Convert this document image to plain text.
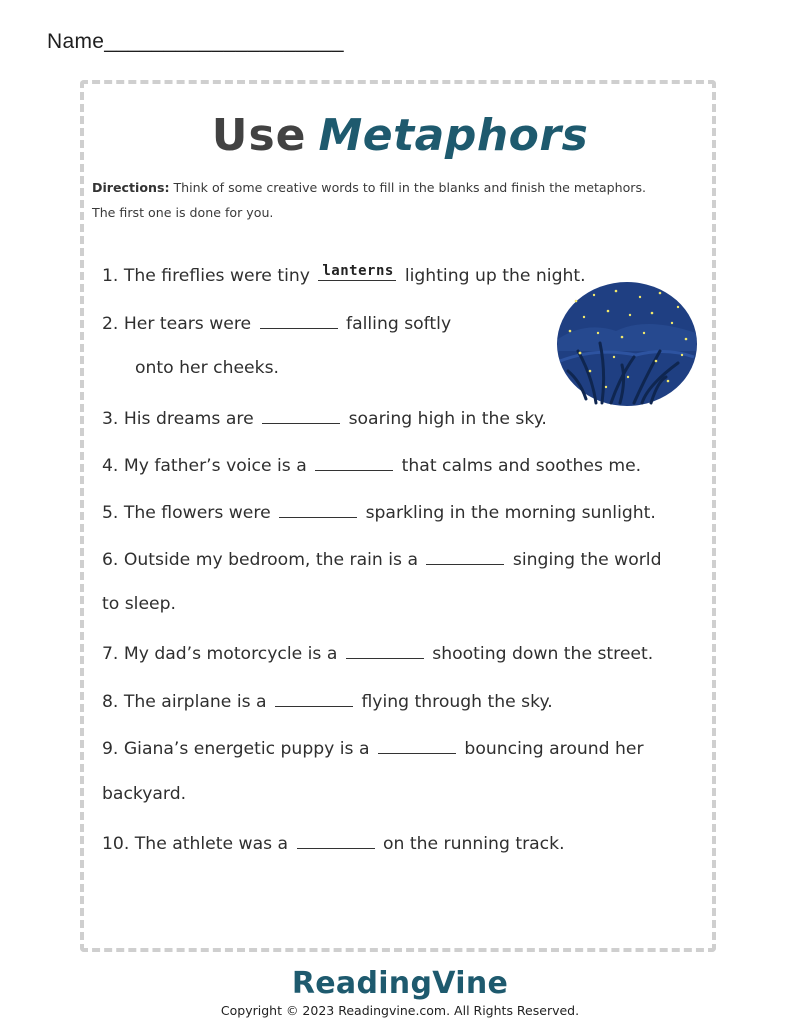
Name____________________
Use Metaphors
Directions: Think of some creative words to fill in the blanks and finish the metaphors.
The first one is done for you.
1. The fireflies were tiny lanterns lighting up the night.
2. Her tears were	falling softly
onto her cheeks.
3. His dreams are	soaring high in the sky.
4. My father’s voice is a	that calms and soothes me.
5. The flowers were	sparkling in the morning sunlight.
6. Outside my bedroom, the rain is a	singing the world
to sleep.
7. My dad’s motorcycle is a	shooting down the street.
8. The airplane is a	flying through the sky.
9. Giana’s energetic puppy is a	bouncing around her
backyard.
10. The athlete was a	on the running track.
ReadingVine
Copyright © 2023 Readingvine.com. All Rights Reserved.
